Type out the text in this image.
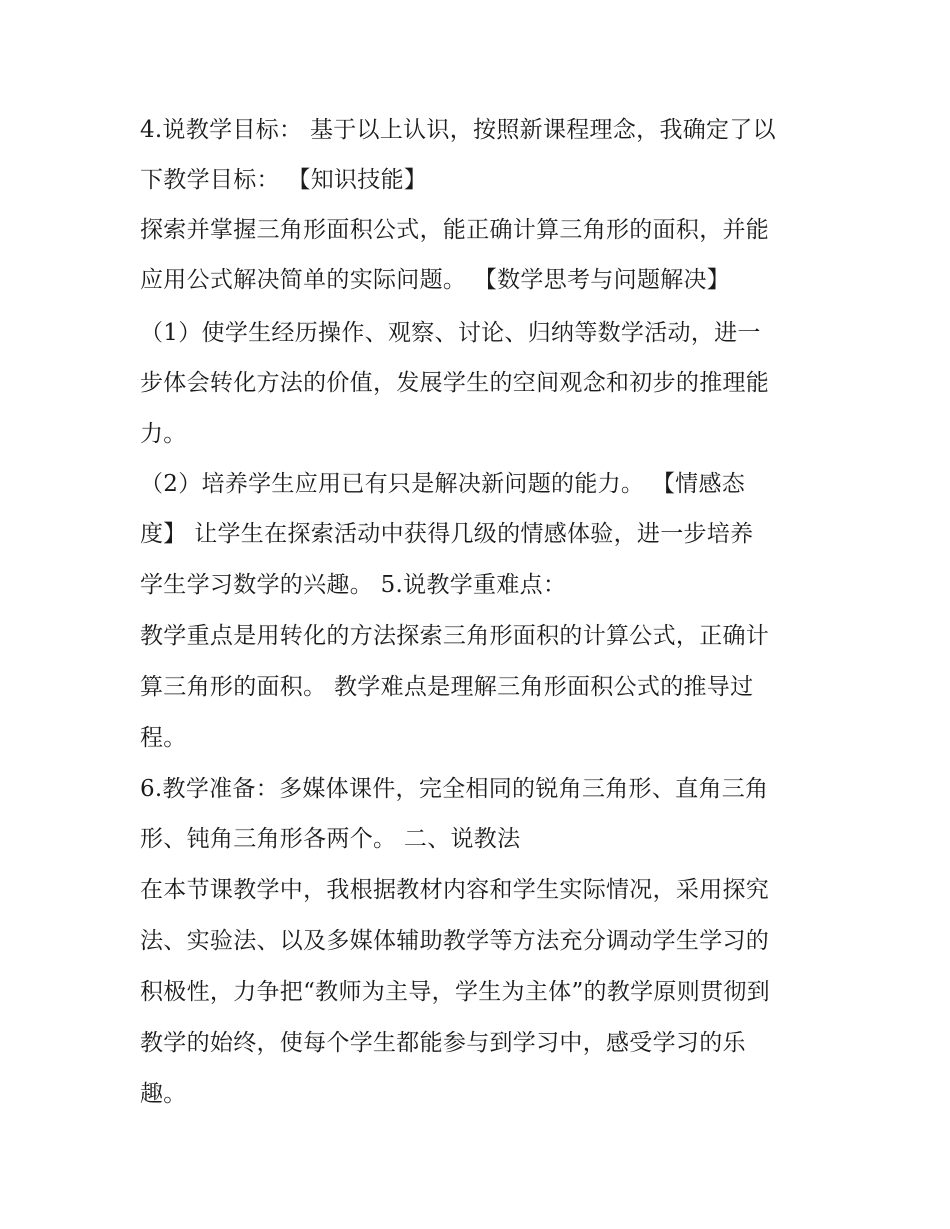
4.说教学目标： 基于以上认识，按照新课程理念，我确定了以
下教学目标： 【知识技能】
探索并掌握三角形面积公式，能正确计算三角形的面积，并能
应用公式解决简单的实际问题。 【数学思考与问题解决】
（1）使学生经历操作、观察、讨论、归纳等数学活动，进一
步体会转化方法的价值，发展学生的空间观念和初步的推理能
力。
（2）培养学生应用已有只是解决新问题的能力。 【情感态
度】 让学生在探索活动中获得几级的情感体验，进一步培养
学生学习数学的兴趣。 5.说教学重难点：
教学重点是用转化的方法探索三角形面积的计算公式，正确计
算三角形的面积。 教学难点是理解三角形面积公式的推导过
程。
6.教学准备：多媒体课件，完全相同的锐角三角形、直角三角
形、钝角三角形各两个。 二、说教法
在本节课教学中，我根据教材内容和学生实际情况，采用探究
法、实验法、以及多媒体辅助教学等方法充分调动学生学习的
积极性，力争把“教师为主导，学生为主体”的教学原则贯彻到
教学的始终，使每个学生都能参与到学习中，感受学习的乐
趣。
